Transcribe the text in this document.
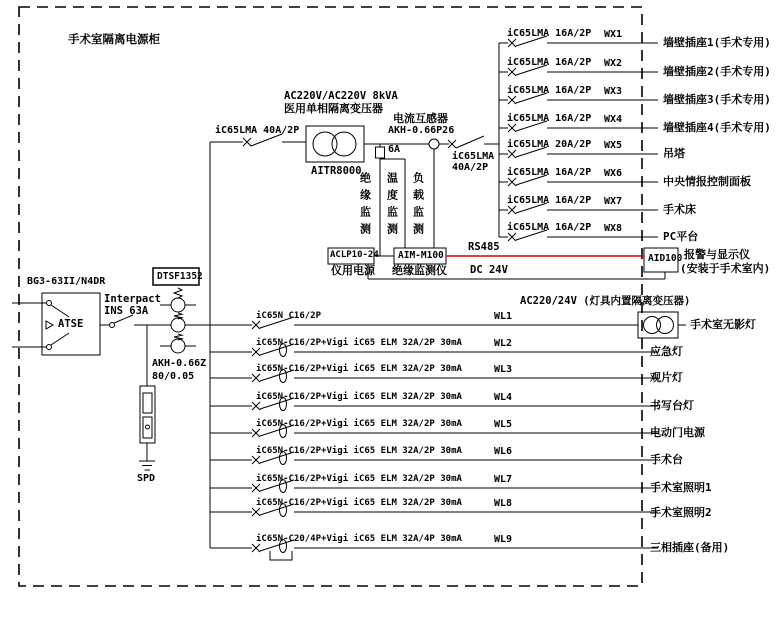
手术室隔离电源柜
BG3-63II/N4DR
Interpact
INS 63A
ATSE
DTSF1352
AKH-0.66Z
80/0.05
SPD
iC65LMA 40A/2P
AC220V/AC220V 8kVA
医用单相隔离变压器
AITR8000
6A
电流互感器
AKH-0.66P26
iC65LMA
40A/2P
绝缘监测 温度监测 负载监测
ACLP10-24 AIM-M100
仪用电源 绝缘监测仪
RS485
DC 24V
AID100 报警与显示仪
(安装于手术室内)
AC220/24V (灯具内置隔离变压器)
iC65LMA 16A/2P WX1
墙壁插座1(手术专用)
iC65LMA 16A/2P WX2
墙壁插座2(手术专用)
iC65LMA 16A/2P WX3
墙壁插座3(手术专用)
iC65LMA 16A/2P WX4
墙壁插座4(手术专用)
iC65LMA 20A/2P WX5
吊塔
iC65LMA 16A/2P WX6
中央情报控制面板
iC65LMA 16A/2P WX7
手术床
iC65LMA 16A/2P WX8
PC平台
iC65N C16/2P	WL1
手术室无影灯
iC65N-C16/2P+Vigi iC65 ELM 32A/2P 30mA	WL2
应急灯
iC65N-C16/2P+Vigi iC65 ELM 32A/2P 30mA	WL3
观片灯
iC65N-C16/2P+Vigi iC65 ELM 32A/2P 30mA	WL4
书写台灯
iC65N-C16/2P+Vigi iC65 ELM 32A/2P 30mA	WL5
电动门电源
iC65N-C16/2P+Vigi iC65 ELM 32A/2P 30mA	WL6
手术台
iC65N-C16/2P+Vigi iC65 ELM 32A/2P 30mA	WL7
手术室照明1
iC65N-C16/2P+Vigi iC65 ELM 32A/2P 30mA	WL8
手术室照明2
iC65N-C20/4P+Vigi iC65 ELM 32A/4P 30mA	WL9
三相插座(备用)
